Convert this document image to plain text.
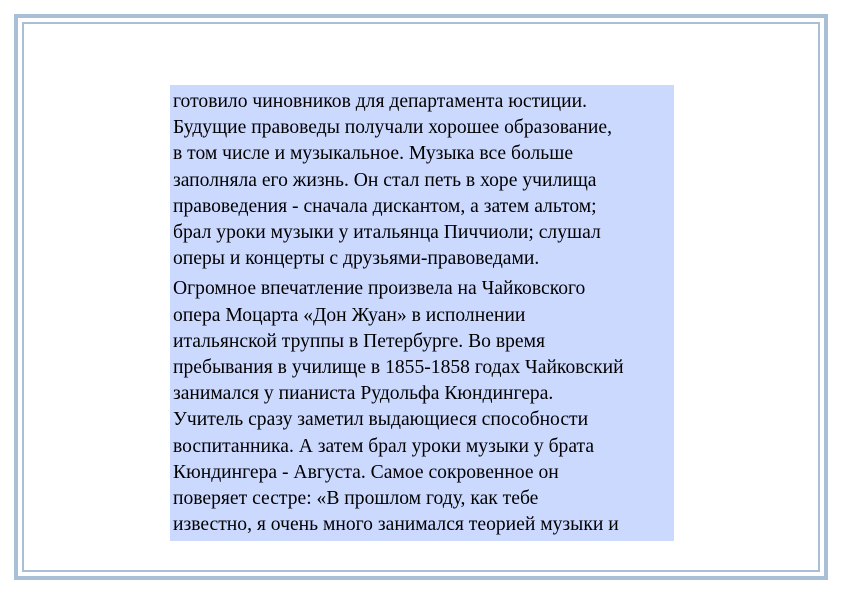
готовило чиновников для департамента юстиции.
Будущие правоведы получали хорошее образование,
в том числе и музыкальное. Музыка все больше
заполняла его жизнь. Он стал петь в хоре училища
правоведения - сначала дискантом, а затем альтом;
брал уроки музыки у итальянца Пиччиоли; слушал
оперы и концерты с друзьями-правоведами.

Огромное впечатление произвела на Чайковского
опера Моцарта «Дон Жуан» в исполнении
итальянской труппы в Петербурге. Во время
пребывания в училище в 1855-1858 годах Чайковский
занимался у пианиста Рудольфа Кюндингера.
Учитель сразу заметил выдающиеся способности
воспитанника. А затем брал уроки музыки у брата
Кюндингера - Августа. Самое сокровенное он
поверяет сестре: «В прошлом году, как тебе
известно, я очень много занимался теорией музыки и
